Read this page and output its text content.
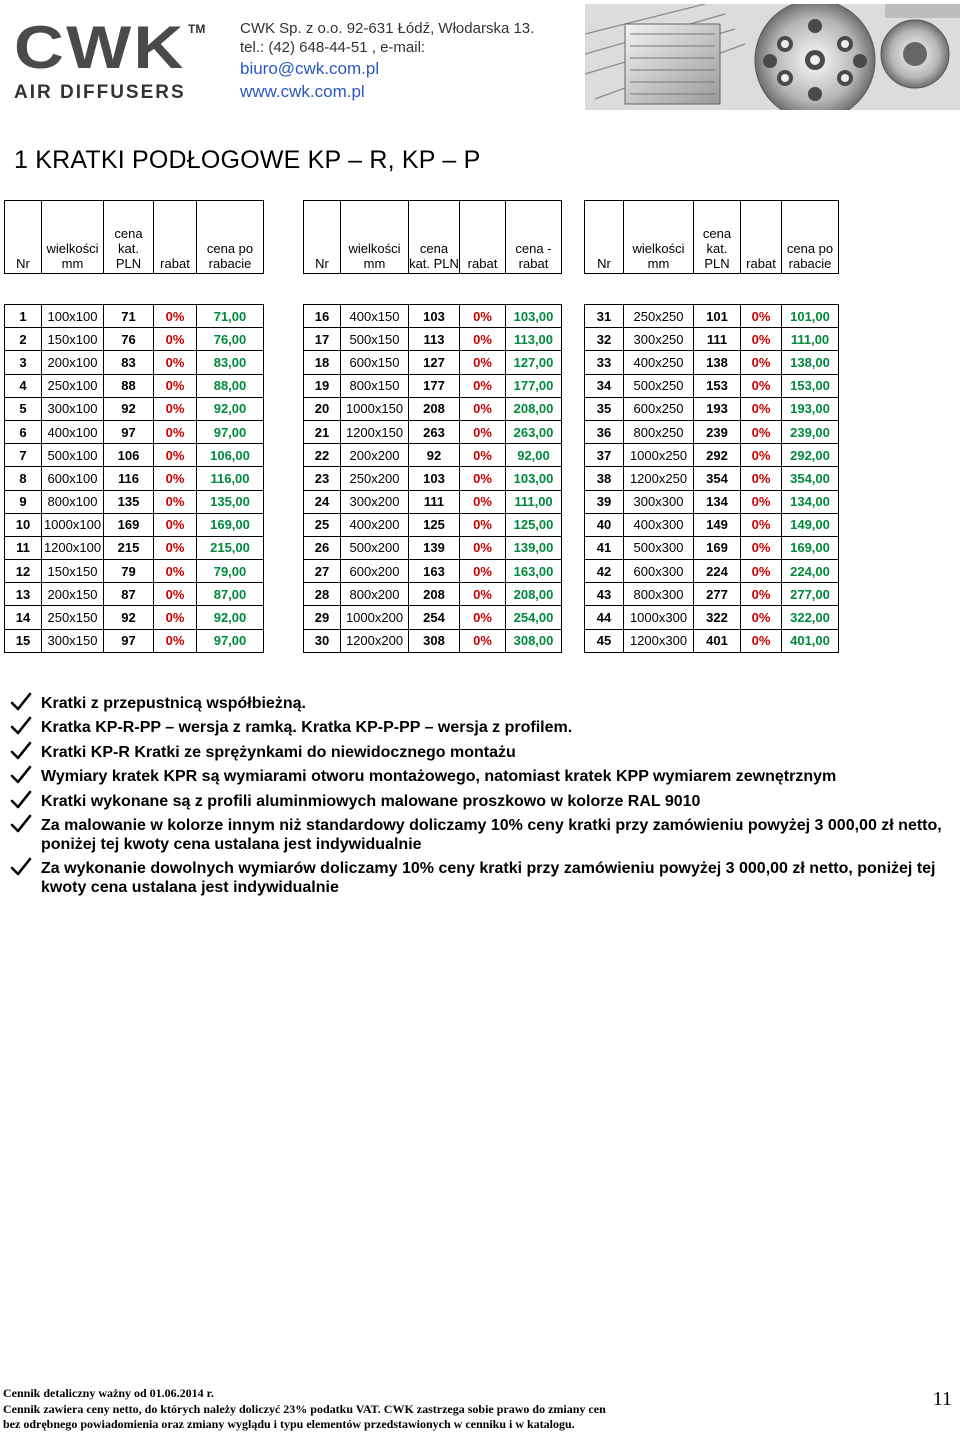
CWK TM
AIR DIFFUSERS
CWK Sp. z o.o. 92-631 Łódź, Włodarska 13.
tel.: (42) 648-44-51 , e-mail:
biuro@cwk.com.pl
www.cwk.com.pl
1 KRATKI PODŁOGOWE KP – R, KP – P
Nr	wielkości mm	cena kat. PLN	rabat	cena po rabacie

1	100x100	71	0%	71,00
2	150x100	76	0%	76,00
3	200x100	83	0%	83,00
4	250x100	88	0%	88,00
5	300x100	92	0%	92,00
6	400x100	97	0%	97,00
7	500x100	106	0%	106,00
8	600x100	116	0%	116,00
9	800x100	135	0%	135,00
10	1000x100	169	0%	169,00
11	1200x100	215	0%	215,00
12	150x150	79	0%	79,00
13	200x150	87	0%	87,00
14	250x150	92	0%	92,00
15	300x150	97	0%	97,00
Nr	wielkości mm	cena kat. PLN	rabat	cena - rabat

16	400x150	103	0%	103,00
17	500x150	113	0%	113,00
18	600x150	127	0%	127,00
19	800x150	177	0%	177,00
20	1000x150	208	0%	208,00
21	1200x150	263	0%	263,00
22	200x200	92	0%	92,00
23	250x200	103	0%	103,00
24	300x200	111	0%	111,00
25	400x200	125	0%	125,00
26	500x200	139	0%	139,00
27	600x200	163	0%	163,00
28	800x200	208	0%	208,00
29	1000x200	254	0%	254,00
30	1200x200	308	0%	308,00
Nr	wielkości mm	cena kat. PLN	rabat	cena po rabacie

31	250x250	101	0%	101,00
32	300x250	111	0%	111,00
33	400x250	138	0%	138,00
34	500x250	153	0%	153,00
35	600x250	193	0%	193,00
36	800x250	239	0%	239,00
37	1000x250	292	0%	292,00
38	1200x250	354	0%	354,00
39	300x300	134	0%	134,00
40	400x300	149	0%	149,00
41	500x300	169	0%	169,00
42	600x300	224	0%	224,00
43	800x300	277	0%	277,00
44	1000x300	322	0%	322,00
45	1200x300	401	0%	401,00
Kratki z przepustnicą współbieżną.
Kratka KP-R-PP – wersja z ramką. Kratka KP-P-PP – wersja z profilem.
Kratki KP-R Kratki ze sprężynkami do niewidocznego montażu
Wymiary kratek KPR są wymiarami otworu montażowego, natomiast kratek KPP wymiarem zewnętrznym
Kratki wykonane są z profili aluminmiowych malowane proszkowo w kolorze RAL 9010
Za malowanie w kolorze innym niż standardowy doliczamy 10% ceny kratki przy zamówieniu powyżej 3 000,00 zł netto, poniżej tej kwoty cena ustalana jest indywidualnie
Za wykonanie dowolnych wymiarów doliczamy 10% ceny kratki przy zamówieniu powyżej 3 000,00 zł netto, poniżej tej kwoty cena ustalana jest indywidualnie
Cennik detaliczny ważny od 01.06.2014 r.
Cennik zawiera ceny netto, do których należy doliczyć 23% podatku VAT. CWK zastrzega sobie prawo do zmiany cen
bez odrębnego powiadomienia oraz zmiany wyglądu i typu elementów przedstawionych w cenniku i w katalogu.
11
